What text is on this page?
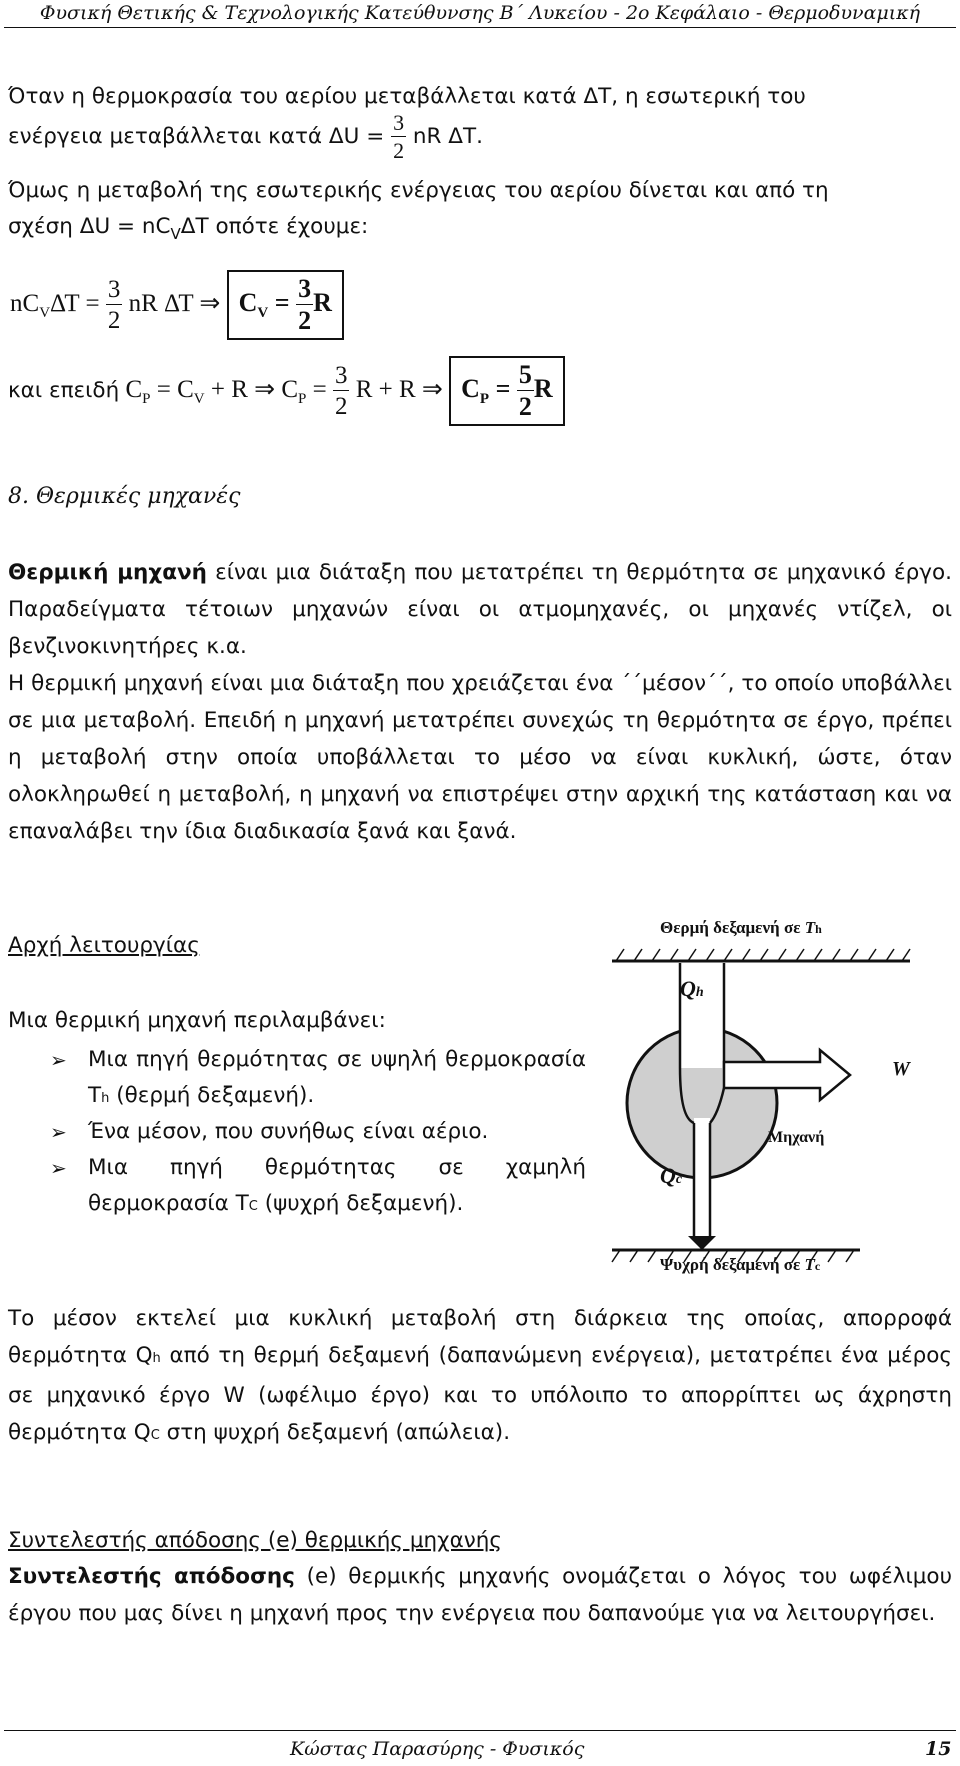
Φυσική Θετικής & Τεχνολογικής Κατεύθυνσης Β΄ Λυκείου - 2ο Κεφάλαιο - Θερμοδυναμική
Όταν η θερμοκρασία του αερίου μεταβάλλεται κατά ΔΤ, η εσωτερική του
ενέργεια μεταβάλλεται κατά $\Delta U = \frac{3}{2}$ nR ΔΤ.
Όμως η μεταβολή της εσωτερικής ενέργειας του αερίου δίνεται και από τη
σχέση $\Delta U = nC_V\Delta T$ οπότε έχουμε:
$nC_V\Delta T = \frac{3}{2}$ nR ΔΤ ⇒ $C_V = \frac{3}{2}$ R
και επειδή $C_P = C_V + R$ ⇒ $C_P = \frac{3}{2}$ R + R ⇒ $C_P = \frac{5}{2}$ R
8. Θερμικές μηχανές
Θερμική μηχανή είναι μια διάταξη που μετατρέπει τη θερμότητα σε μηχανικό έργο. Παραδείγματα τέτοιων μηχανών είναι οι ατμομηχανές, οι μηχανές ντίζελ, οι βενζινοκινητήρες κ.α.
Η θερμική μηχανή είναι μια διάταξη που χρειάζεται ένα ΄΄μέσον΄΄, το οποίο υποβάλλει σε μια μεταβολή. Επειδή η μηχανή μετατρέπει συνεχώς τη θερμότητα σε έργο, πρέπει η μεταβολή στην οποία υποβάλλεται το μέσο να είναι κυκλική, ώστε, όταν ολοκληρωθεί η μεταβολή, η μηχανή να επιστρέψει στην αρχική της κατάσταση και να επαναλάβει την ίδια διαδικασία ξανά και ξανά.
Αρχή λειτουργίας
Μια θερμική μηχανή περιλαμβάνει:
➢ Μια πηγή θερμότητας σε υψηλή θερμοκρασία Τh (θερμή δεξαμενή).
➢ Ένα μέσον, που συνήθως είναι αέριο.
➢ Μια πηγή θερμότητας σε χαμηλή θερμοκρασία ΤC (ψυχρή δεξαμενή).
Θερμή δεξαμενή σε Th
Qh
W
Μηχανή
Qc
Ψυχρή δεξαμενή σε Tc
Το μέσον εκτελεί μια κυκλική μεταβολή στη διάρκεια της οποίας, απορροφά θερμότητα Qh από τη θερμή δεξαμενή (δαπανώμενη ενέργεια), μετατρέπει ένα μέρος σε μηχανικό έργο W (ωφέλιμο έργο) και το υπόλοιπο το απορρίπτει ως άχρηστη θερμότητα QC στη ψυχρή δεξαμενή (απώλεια).
Συντελεστής απόδοσης (e) θερμικής μηχανής
Συντελεστής απόδοσης (e) θερμικής μηχανής ονομάζεται ο λόγος του ωφέλιμου έργου που μας δίνει η μηχανή προς την ενέργεια που δαπανούμε για να λειτουργήσει.
Κώστας Παρασύρης - Φυσικός	15
